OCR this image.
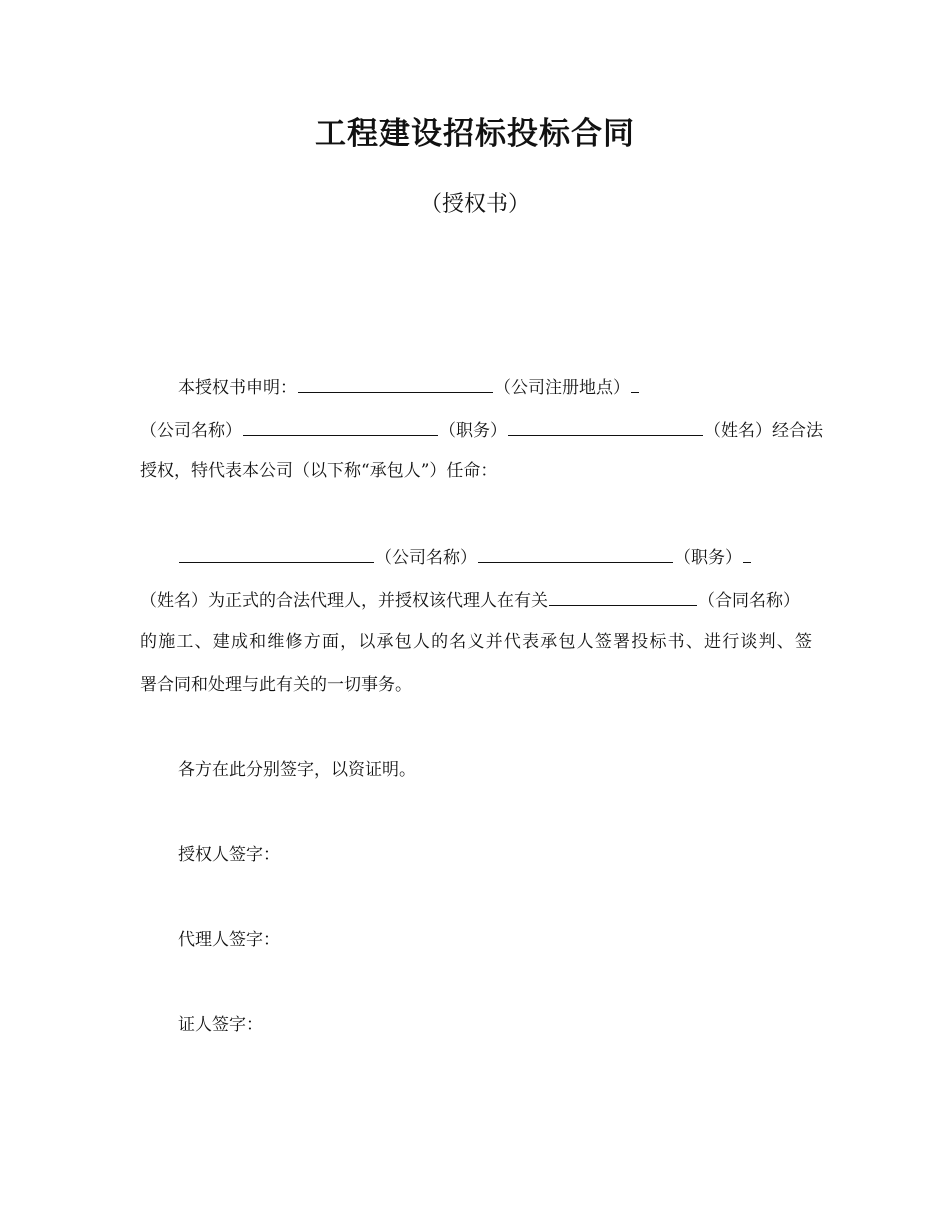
工程建设招标投标合同
（授权书）
本授权书申明：	（公司注册地点）
（公司名称）	（职务）	（姓名）经合法
授权，特代表本公司（以下称“承包人”）任命：
（公司名称）	（职务）
（姓名）为正式的合法代理人，并授权该代理人在有关	（合同名称）
的施工、建成和维修方面，以承包人的名义并代表承包人签署投标书、进行谈判、签
署合同和处理与此有关的一切事务。
各方在此分别签字，以资证明。
授权人签字：
代理人签字：
证人签字：
